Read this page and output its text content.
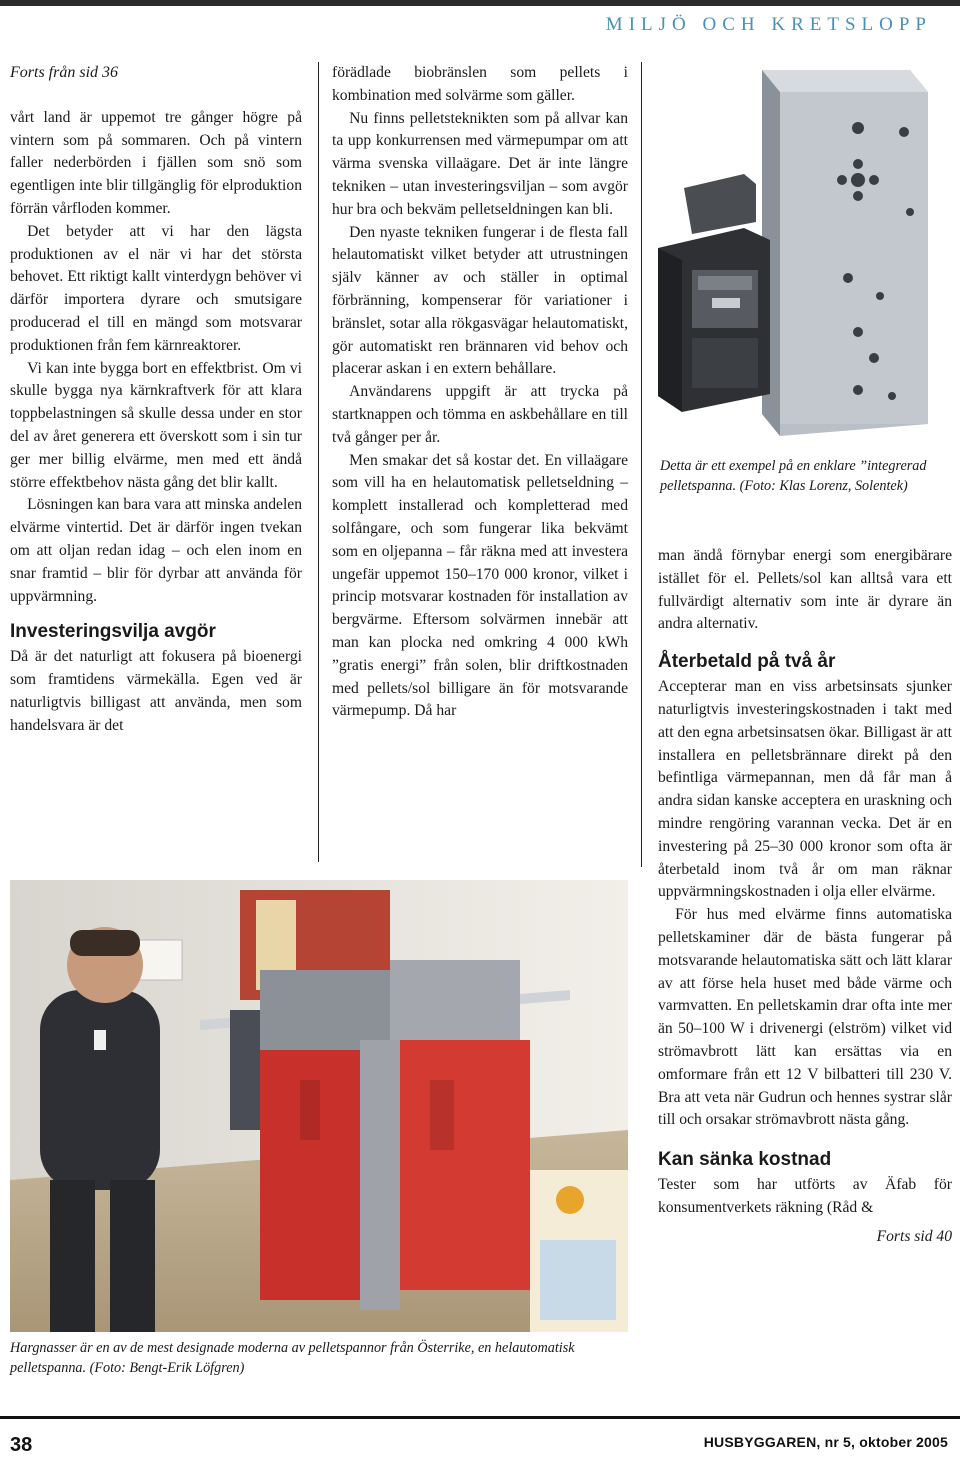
MILJÖ OCH KRETSLOPP

Forts från sid 36

vårt land är uppemot tre gånger högre på vintern som på sommaren. Och på vintern faller nederbörden i fjällen som snö som egentligen inte blir tillgänglig för elproduktion förrän vårfloden kommer.

Det betyder att vi har den lägsta produktionen av el när vi har det största behovet. Ett riktigt kallt vinterdygn behöver vi därför importera dyrare och smutsigare producerad el till en mängd som motsvarar produktionen från fem kärnreaktorer.

Vi kan inte bygga bort en effektbrist. Om vi skulle bygga nya kärnkraftverk för att klara toppbelastningen så skulle dessa under en stor del av året generera ett överskott som i sin tur ger mer billig elvärme, men med ett ändå större effektbehov nästa gång det blir kallt.

Lösningen kan bara vara att minska andelen elvärme vintertid. Det är därför ingen tvekan om att oljan redan idag – och elen inom en snar framtid – blir för dyrbar att använda för uppvärmning.

Investeringsvilja avgör

Då är det naturligt att fokusera på bioenergi som framtidens värmekälla. Egen ved är naturligtvis billigast att använda, men som handelsvara är det

förädlade biobränslen som pellets i kombination med solvärme som gäller.

Nu finns pelletsteknikten som på allvar kan ta upp konkurrensen med värmepumpar om att värma svenska villaägare. Det är inte längre tekniken – utan investeringsviljan – som avgör hur bra och bekväm pelletseldningen kan bli.

Den nyaste tekniken fungerar i de flesta fall helautomatiskt vilket betyder att utrustningen själv känner av och ställer in optimal förbränning, kompenserar för variationer i bränslet, sotar alla rökgasvägar helautomatiskt, gör automatiskt ren brännaren vid behov och placerar askan i en extern behållare.

Användarens uppgift är att trycka på startknappen och tömma en askbehållare en till två gånger per år.

Men smakar det så kostar det. En villaägare som vill ha en helautomatisk pelletseldning – komplett installerad och kompletterad med solfångare, och som fungerar lika bekvämt som en oljepanna – får räkna med att investera ungefär uppemot 150–170 000 kronor, vilket i princip motsvarar kostnaden för installation av bergvärme. Eftersom solvärmen innebär att man kan plocka ned omkring 4 000 kWh ”gratis energi” från solen, blir driftkostnaden med pellets/sol billigare än för motsvarande värmepump. Då har

Detta är ett exempel på en enklare ”integrerad pelletspanna. (Foto: Klas Lorenz, Solentek)

man ändå förnybar energi som energibärare istället för el. Pellets/sol kan alltså vara ett fullvärdigt alternativ som inte är dyrare än andra alternativ.

Återbetald på två år

Accepterar man en viss arbetsinsats sjunker naturligtvis investeringskostnaden i takt med att den egna arbetsinsatsen ökar. Billigast är att installera en pelletsbrännare direkt på den befintliga värmepannan, men då får man å andra sidan kanske acceptera en uraskning och mindre rengöring varannan vecka. Det är en investering på 25–30 000 kronor som ofta är återbetald inom två år om man räknar uppvärmningskostnaden i olja eller elvärme.

För hus med elvärme finns automatiska pelletskaminer där de bästa fungerar på motsvarande helautomatiska sätt och lätt klarar av att förse hela huset med både värme och varmvatten. En pelletskamin drar ofta inte mer än 50–100 W i drivenergi (elström) vilket vid strömavbrott lätt kan ersättas via en omformare från ett 12 V bilbatteri till 230 V. Bra att veta när Gudrun och hennes systrar slår till och orsakar strömavbrott nästa gång.

Kan sänka kostnad

Tester som har utförts av Äfab för konsumentverkets räkning (Råd &

Forts sid 40

Hargnasser är en av de mest designade moderna av pelletspannor från Österrike, en helautomatisk pelletspanna. (Foto: Bengt-Erik Löfgren)
38	HUSBYGGAREN, nr 5, oktober 2005
